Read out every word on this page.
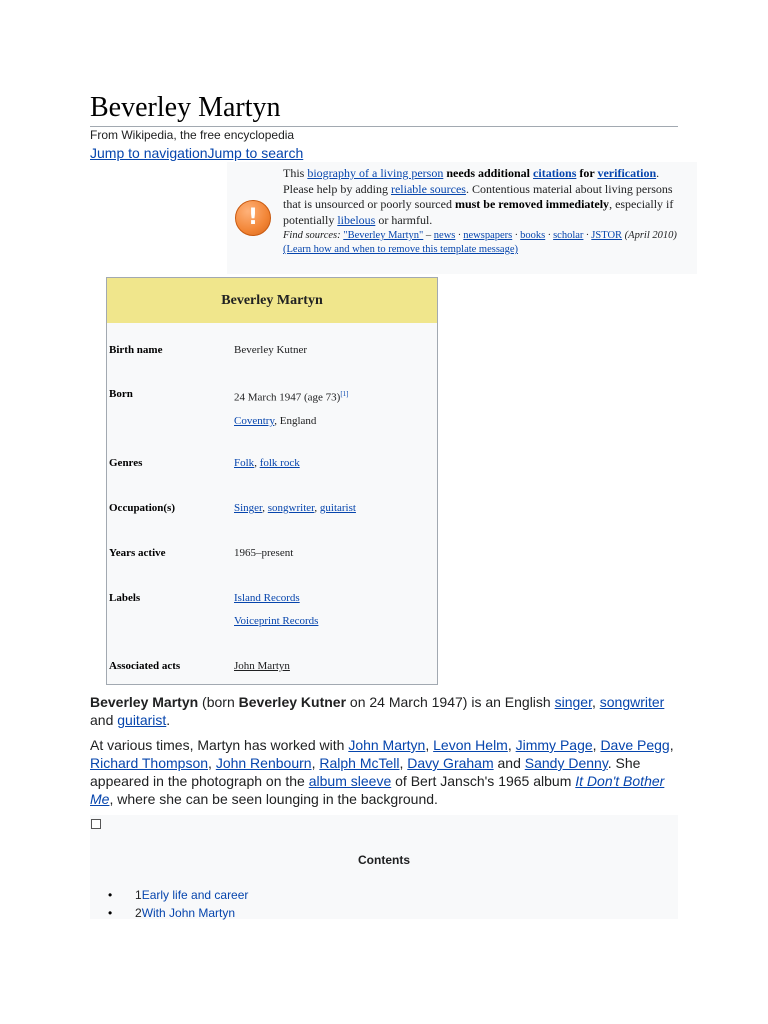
Beverley Martyn
From Wikipedia, the free encyclopedia
Jump to navigationJump to search
!
This biography of a living person needs additional citations for verification. Please help by adding reliable sources. Contentious material about living persons that is unsourced or poorly sourced must be removed immediately, especially if potentially libelous or harmful.
Find sources: "Beverley Martyn" – news · newspapers · books · scholar · JSTOR (April 2010) (Learn how and when to remove this template message)
Beverley Martyn
Birth name	Beverley Kutner
Born	24 March 1947 (age 73)[1]
Coventry, England
Genres	Folk, folk rock
Occupation(s)	Singer, songwriter, guitarist
Years active	1965–present
Labels	Island Records
Voiceprint Records
Associated acts	John Martyn

Beverley Martyn (born Beverley Kutner on 24 March 1947) is an English singer, songwriter and guitarist.

At various times, Martyn has worked with John Martyn, Levon Helm, Jimmy Page, Dave Pegg, Richard Thompson, John Renbourn, Ralph McTell, Davy Graham and Sandy Denny. She appeared in the photograph on the album sleeve of Bert Jansch's 1965 album It Don't Bother Me, where she can be seen lounging in the background.

Contents
• 1Early life and career
• 2With John Martyn
